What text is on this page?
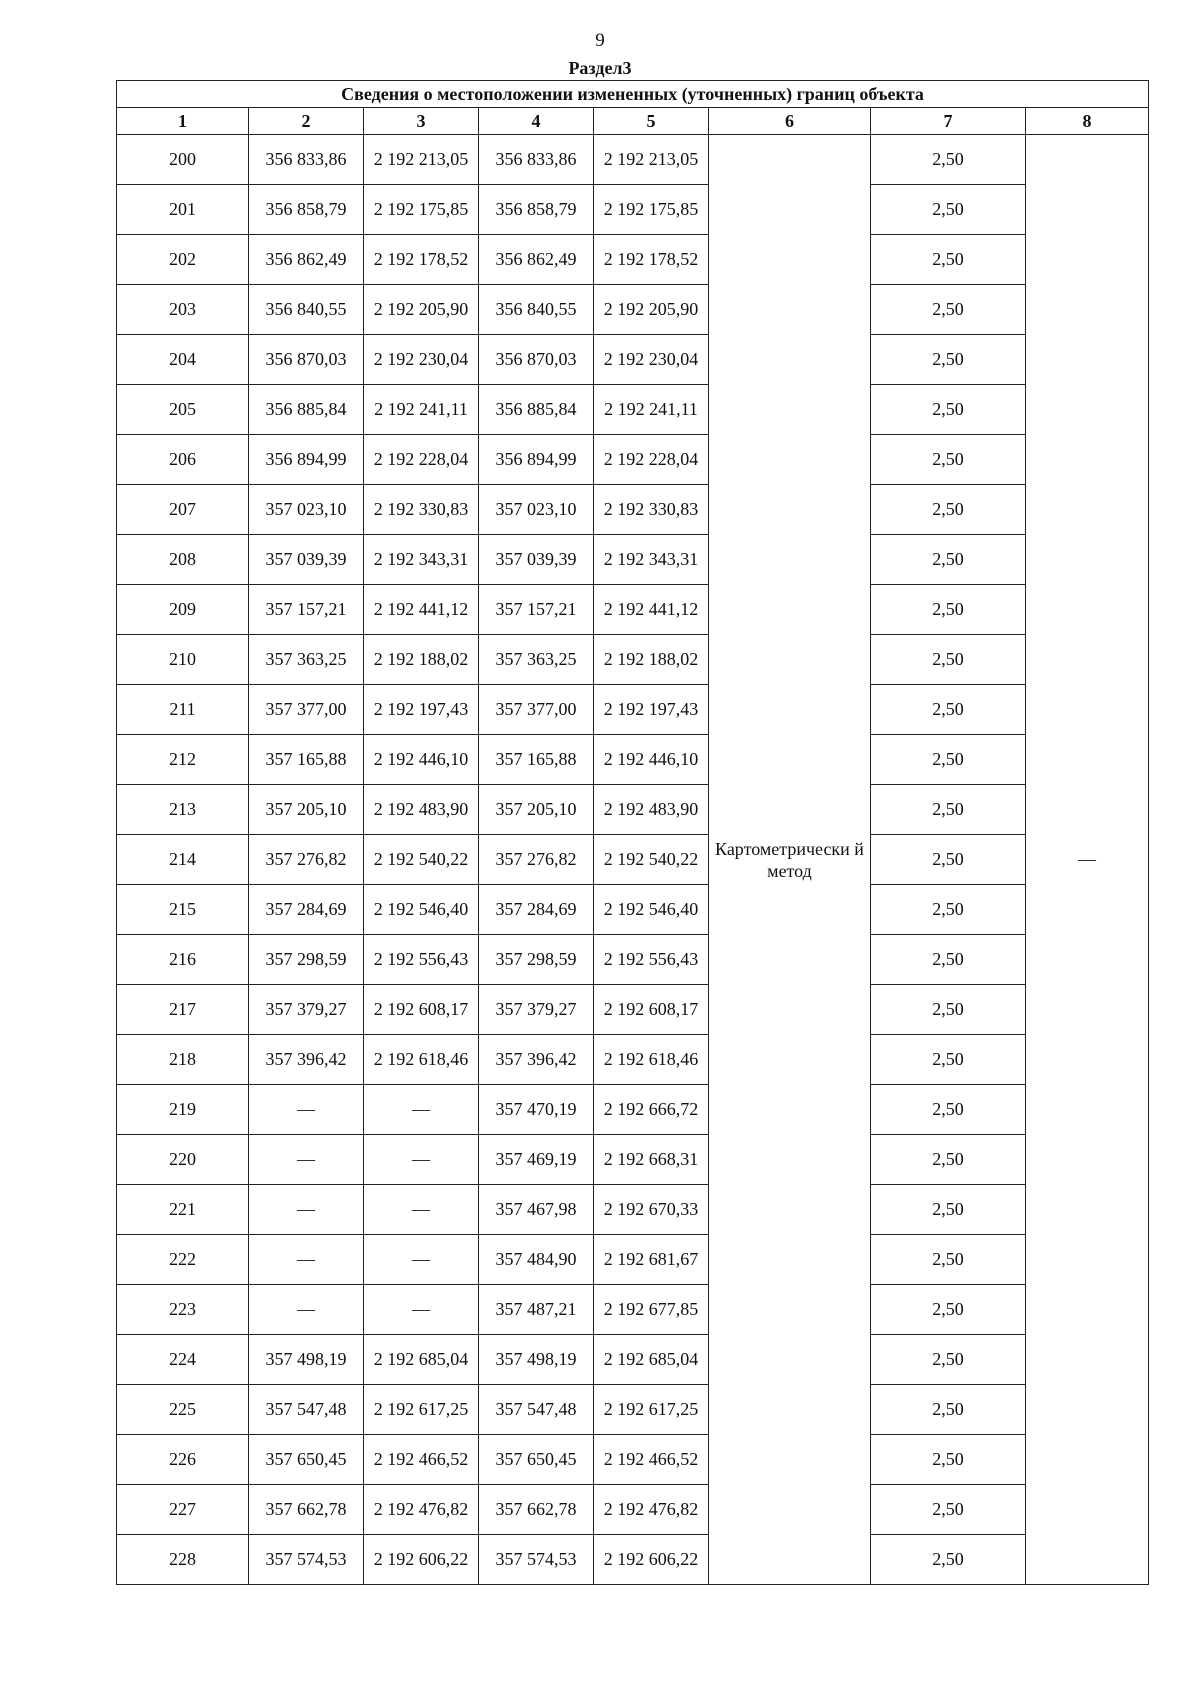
9
Раздел3
Сведения о местоположении измененных (уточненных) границ объекта							
1	2	3	4	5	6	7	8
200	356 833,86	2 192 213,05	356 833,86	2 192 213,05	Картометрически й метод	2,50	—
201	356 858,79	2 192 175,85	356 858,79	2 192 175,85		2,50	
202	356 862,49	2 192 178,52	356 862,49	2 192 178,52		2,50	
203	356 840,55	2 192 205,90	356 840,55	2 192 205,90		2,50	
204	356 870,03	2 192 230,04	356 870,03	2 192 230,04		2,50	
205	356 885,84	2 192 241,11	356 885,84	2 192 241,11		2,50	
206	356 894,99	2 192 228,04	356 894,99	2 192 228,04		2,50	
207	357 023,10	2 192 330,83	357 023,10	2 192 330,83		2,50	
208	357 039,39	2 192 343,31	357 039,39	2 192 343,31		2,50	
209	357 157,21	2 192 441,12	357 157,21	2 192 441,12		2,50	
210	357 363,25	2 192 188,02	357 363,25	2 192 188,02		2,50	
211	357 377,00	2 192 197,43	357 377,00	2 192 197,43		2,50	
212	357 165,88	2 192 446,10	357 165,88	2 192 446,10		2,50	
213	357 205,10	2 192 483,90	357 205,10	2 192 483,90		2,50	
214	357 276,82	2 192 540,22	357 276,82	2 192 540,22		2,50	
215	357 284,69	2 192 546,40	357 284,69	2 192 546,40		2,50	
216	357 298,59	2 192 556,43	357 298,59	2 192 556,43		2,50	
217	357 379,27	2 192 608,17	357 379,27	2 192 608,17		2,50	
218	357 396,42	2 192 618,46	357 396,42	2 192 618,46		2,50	
219	—	—	357 470,19	2 192 666,72		2,50	
220	—	—	357 469,19	2 192 668,31		2,50	
221	—	—	357 467,98	2 192 670,33		2,50	
222	—	—	357 484,90	2 192 681,67		2,50	
223	—	—	357 487,21	2 192 677,85		2,50	
224	357 498,19	2 192 685,04	357 498,19	2 192 685,04		2,50	
225	357 547,48	2 192 617,25	357 547,48	2 192 617,25		2,50	
226	357 650,45	2 192 466,52	357 650,45	2 192 466,52		2,50	
227	357 662,78	2 192 476,82	357 662,78	2 192 476,82		2,50	
228	357 574,53	2 192 606,22	357 574,53	2 192 606,22		2,50	
